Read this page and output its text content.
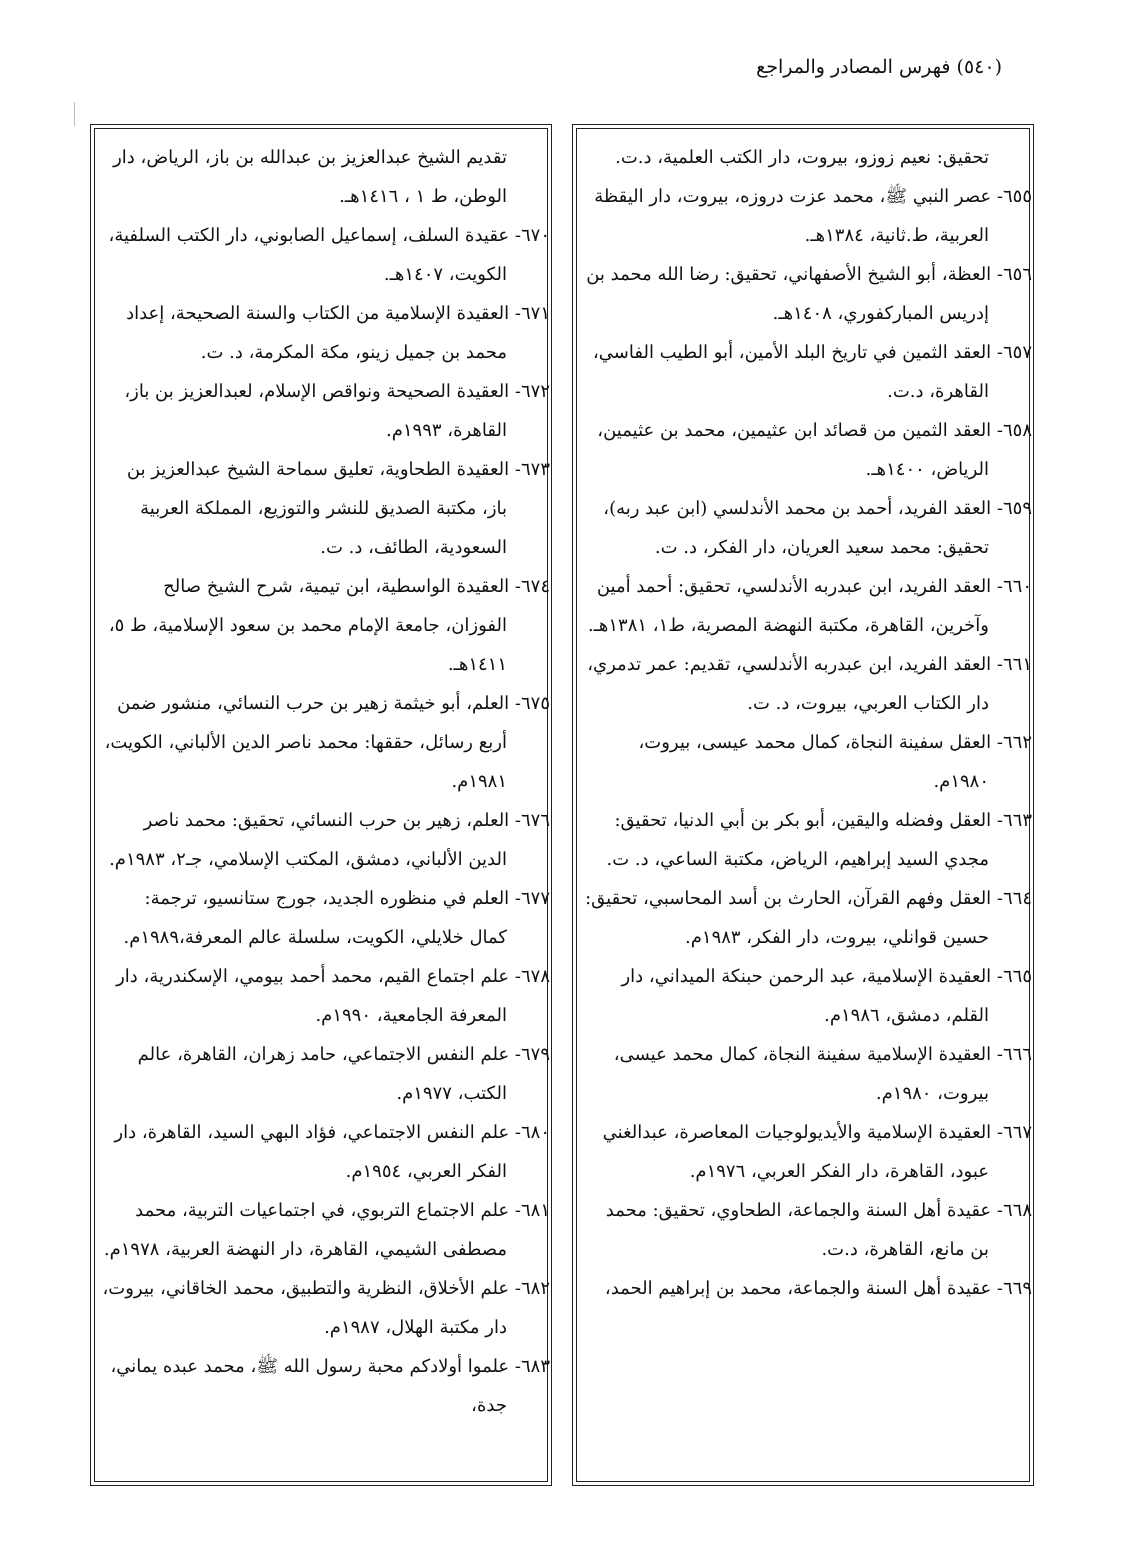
(٥٤٠) فهرس المصادر والمراجع
تحقيق: نعيم زوزو، بيروت، دار الكتب العلمية، د.ت.
٦٥٥- عصر النبي ﷺ، محمد عزت دروزه، بيروت، دار اليقظة العربية، ط.ثانية، ١٣٨٤هـ.
٦٥٦- العظة، أبو الشيخ الأصفهاني، تحقيق: رضا الله محمد بن إدريس المباركفوري، ١٤٠٨هـ.
٦٥٧- العقد الثمين في تاريخ البلد الأمين، أبو الطيب الفاسي، القاهرة، د.ت.
٦٥٨- العقد الثمين من قصائد ابن عثيمين، محمد بن عثيمين، الرياض، ١٤٠٠هـ.
٦٥٩- العقد الفريد، أحمد بن محمد الأندلسي (ابن عبد ربه)، تحقيق: محمد سعيد العريان، دار الفكر، د. ت.
٦٦٠- العقد الفريد، ابن عبدربه الأندلسي، تحقيق: أحمد أمين وآخرين، القاهرة، مكتبة النهضة المصرية، ط١، ١٣٨١هـ.
٦٦١- العقد الفريد، ابن عبدربه الأندلسي، تقديم: عمر تدمري، دار الكتاب العربي، بيروت، د. ت.
٦٦٢- العقل سفينة النجاة، كمال محمد عيسى، بيروت، ١٩٨٠م.
٦٦٣- العقل وفضله واليقين، أبو بكر بن أبي الدنيا، تحقيق: مجدي السيد إبراهيم، الرياض، مكتبة الساعي، د. ت.
٦٦٤- العقل وفهم القرآن، الحارث بن أسد المحاسبي، تحقيق: حسين قوانلي، بيروت، دار الفكر، ١٩٨٣م.
٦٦٥- العقيدة الإسلامية، عبد الرحمن حبنكة الميداني، دار القلم، دمشق، ١٩٨٦م.
٦٦٦- العقيدة الإسلامية سفينة النجاة، كمال محمد عيسى، بيروت، ١٩٨٠م.
٦٦٧- العقيدة الإسلامية والأيديولوجيات المعاصرة، عبدالغني عبود، القاهرة، دار الفكر العربي، ١٩٧٦م.
٦٦٨- عقيدة أهل السنة والجماعة، الطحاوي، تحقيق: محمد بن مانع، القاهرة، د.ت.
٦٦٩- عقيدة أهل السنة والجماعة، محمد بن إبراهيم الحمد،
تقديم الشيخ عبدالعزيز بن عبدالله بن باز، الرياض، دار الوطن، ط ١ ، ١٤١٦هـ.
٦٧٠- عقيدة السلف، إسماعيل الصابوني، دار الكتب السلفية، الكويت، ١٤٠٧هـ.
٦٧١- العقيدة الإسلامية من الكتاب والسنة الصحيحة، إعداد محمد بن جميل زينو، مكة المكرمة، د. ت.
٦٧٢- العقيدة الصحيحة ونواقص الإسلام، لعبدالعزيز بن باز، القاهرة، ١٩٩٣م.
٦٧٣- العقيدة الطحاوية، تعليق سماحة الشيخ عبدالعزيز بن باز، مكتبة الصديق للنشر والتوزيع، المملكة العربية السعودية، الطائف، د. ت.
٦٧٤- العقيدة الواسطية، ابن تيمية، شرح الشيخ صالح الفوزان، جامعة الإمام محمد بن سعود الإسلامية، ط ٥، ١٤١١هـ.
٦٧٥- العلم، أبو خيثمة زهير بن حرب النسائي، منشور ضمن أربع رسائل، حققها: محمد ناصر الدين الألباني، الكويت، ١٩٨١م.
٦٧٦- العلم، زهير بن حرب النسائي، تحقيق: محمد ناصر الدين الألباني، دمشق، المكتب الإسلامي، جـ٢، ١٩٨٣م.
٦٧٧- العلم في منظوره الجديد، جورج ستانسيو، ترجمة: كمال خلايلي، الكويت، سلسلة عالم المعرفة،١٩٨٩م.
٦٧٨- علم اجتماع القيم، محمد أحمد بيومي، الإسكندرية، دار المعرفة الجامعية، ١٩٩٠م.
٦٧٩- علم النفس الاجتماعي، حامد زهران، القاهرة، عالم الكتب، ١٩٧٧م.
٦٨٠- علم النفس الاجتماعي، فؤاد البهي السيد، القاهرة، دار الفكر العربي، ١٩٥٤م.
٦٨١- علم الاجتماع التربوي، في اجتماعيات التربية، محمد مصطفى الشيمي، القاهرة، دار النهضة العربية، ١٩٧٨م.
٦٨٢- علم الأخلاق، النظرية والتطبيق، محمد الخاقاني، بيروت، دار مكتبة الهلال، ١٩٨٧م.
٦٨٣- علموا أولادكم محبة رسول الله ﷺ، محمد عبده يماني، جدة،
